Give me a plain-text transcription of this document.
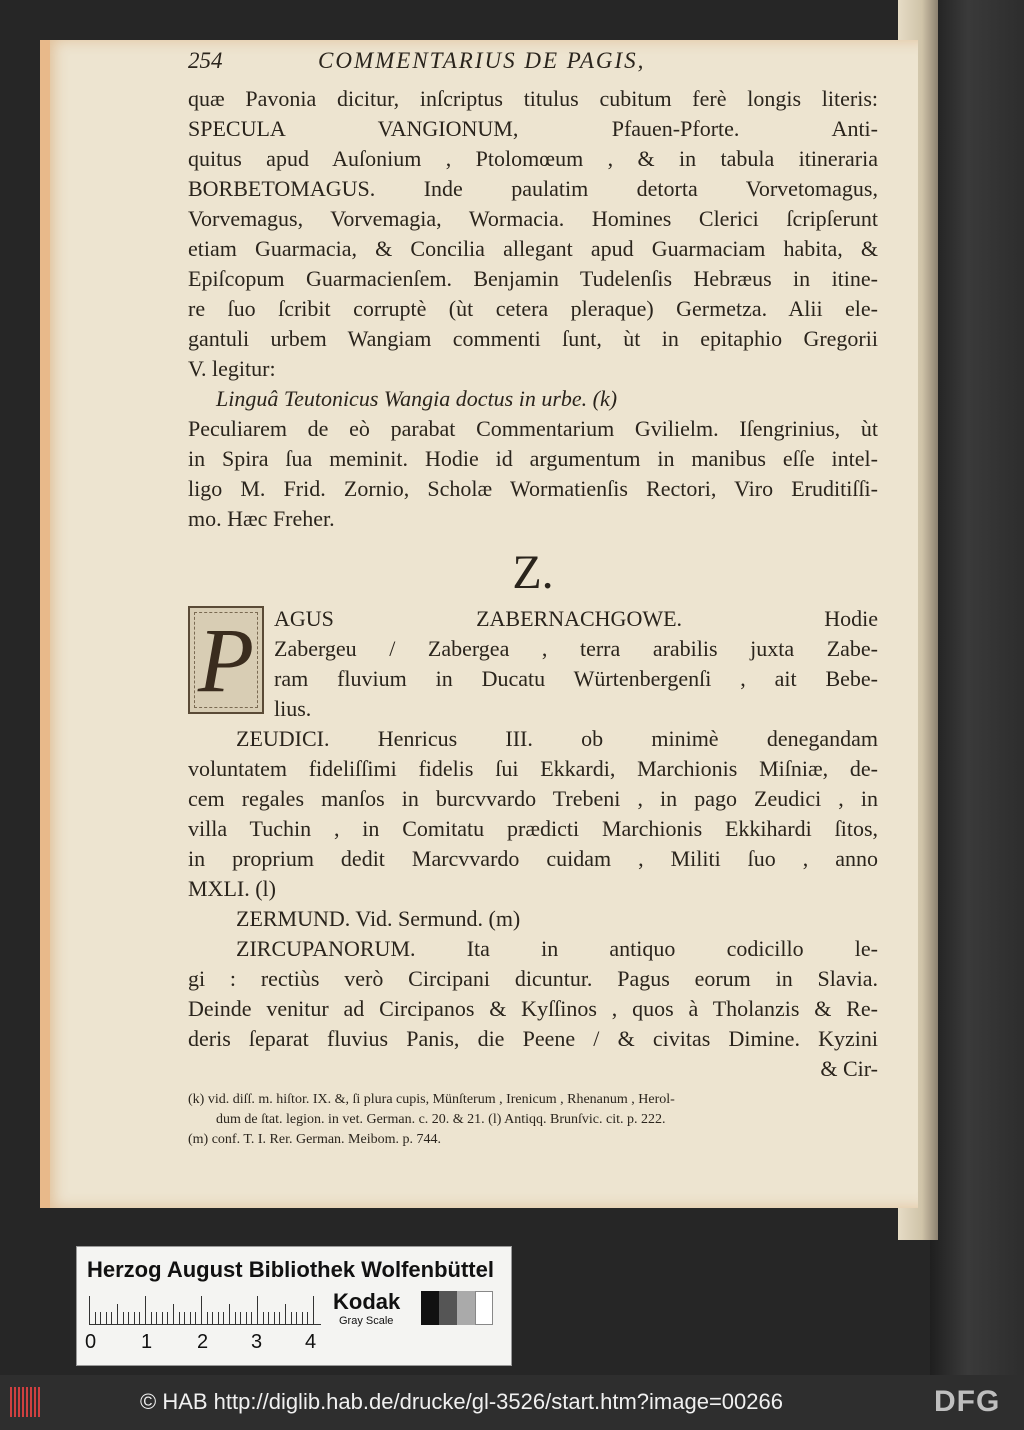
254	COMMENTARIUS DE PAGIS,
quæ Pavonia dicitur, inſcriptus titulus cubitum ferè longis literis:
SPECULA VANGIONUM, Pfauen-Pforte. Anti-
quitus apud Auſonium , Ptolomœum , & in tabula itineraria
BORBETOMAGUS. Inde paulatim detorta Vorvetomagus,
Vorvemagus, Vorvemagia, Wormacia. Homines Clerici ſcripſerunt
etiam Guarmacia, & Concilia allegant apud Guarmaciam habita, &
Epiſcopum Guarmacienſem. Benjamin Tudelenſis Hebræus in itine-
re ſuo ſcribit corruptè (ùt cetera pleraque) Germetza. Alii ele-
gantuli urbem Wangiam commenti ſunt, ùt in epitaphio Gregorii
V. legitur:
Linguâ Teutonicus Wangia doctus in urbe. (k)
Peculiarem de eò parabat Commentarium Gvilielm. Iſengrinius, ùt
in Spira ſua meminit. Hodie id argumentum in manibus eſſe intel-
ligo M. Frid. Zornio, Scholæ Wormatienſis Rectori, Viro Eruditiſſi-
mo. Hæc Freher.
Z.
P AGUS ZABERNACHGOWE. Hodie
Zabergeu / Zabergea , terra arabilis juxta Zabe-
ram fluvium in Ducatu Würtenbergenſi , ait Bebe-
lius.
ZEUDICI. Henricus III. ob minimè denegandam
voluntatem fideliſſimi fidelis ſui Ekkardi, Marchionis Miſniæ, de-
cem regales manſos in burcvvardo Trebeni , in pago Zeudici , in
villa Tuchin , in Comitatu prædicti Marchionis Ekkihardi ſitos,
in proprium dedit Marcvvardo cuidam , Militi ſuo , anno
MXLI. (l)
ZERMUND. Vid. Sermund. (m)
ZIRCUPANORUM. Ita in antiquo codicillo le-
gi : rectiùs verò Circipani dicuntur. Pagus eorum in Slavia.
Deinde venitur ad Circipanos & Kyſſinos , quos à Tholanzis & Re-
deris ſeparat fluvius Panis, die Peene / & civitas Dimine. Kyzini
& Cir-
(k) vid. diſſ. m. hiſtor. IX. &, ſi plura cupis, Münſterum , Irenicum , Rhenanum , Herol-
dum de ſtat. legion. in vet. German. c. 20. & 21. (l) Antiqq. Brunſvic. cit. p. 222.
(m) conf. T. I. Rer. German. Meibom. p. 744.
Herzog August Bibliothek Wolfenbüttel
0 1 2 3 4
Kodak
Gray Scale
© HAB http://diglib.hab.de/drucke/gl-3526/start.htm?image=00266	DFG
